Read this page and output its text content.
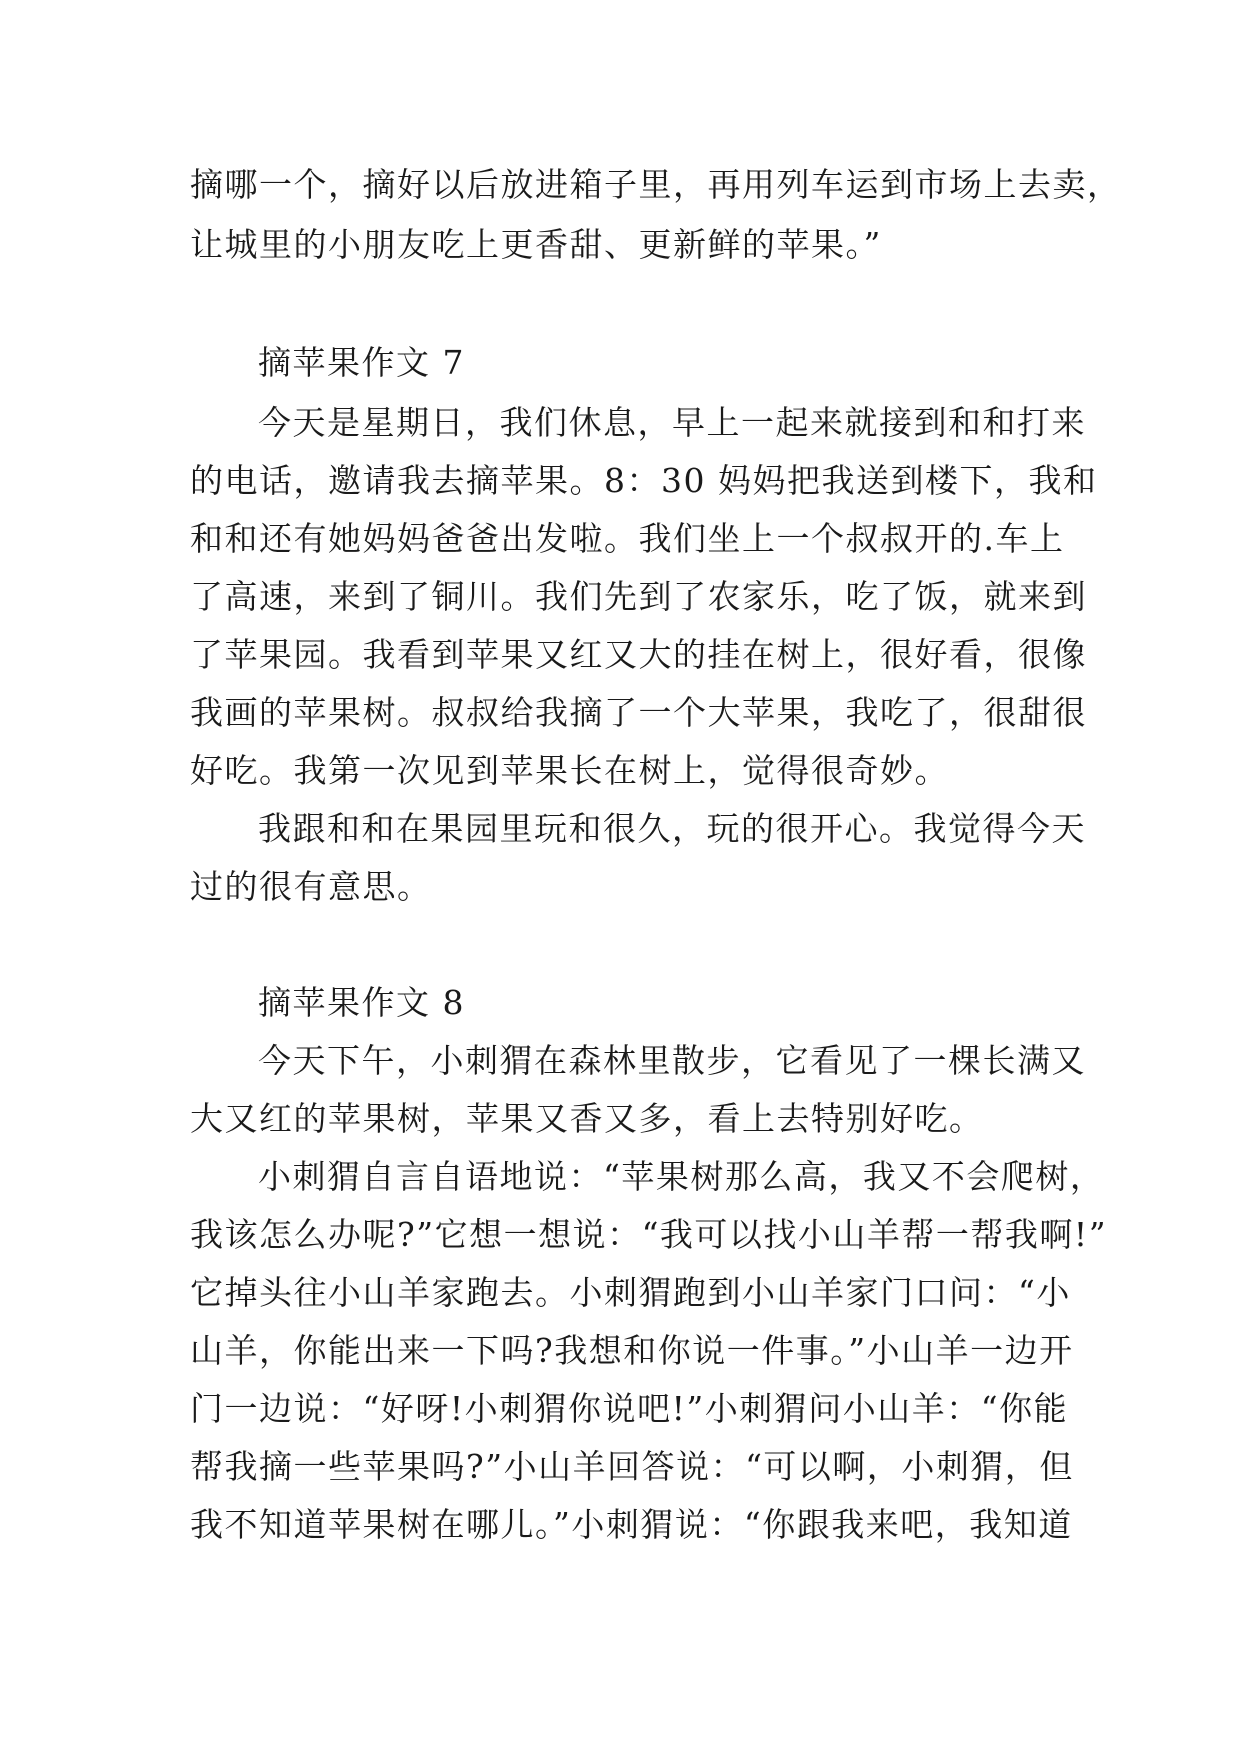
摘哪一个，摘好以后放进箱子里，再用列车运到市场上去卖，
让城里的小朋友吃上更香甜、更新鲜的苹果。”
摘苹果作文 7
今天是星期日，我们休息，早上一起来就接到和和打来
的电话，邀请我去摘苹果。8：30 妈妈把我送到楼下，我和
和和还有她妈妈爸爸出发啦。我们坐上一个叔叔开的.车上
了高速，来到了铜川。我们先到了农家乐，吃了饭，就来到
了苹果园。我看到苹果又红又大的挂在树上，很好看，很像
我画的苹果树。叔叔给我摘了一个大苹果，我吃了，很甜很
好吃。我第一次见到苹果长在树上，觉得很奇妙。
我跟和和在果园里玩和很久，玩的很开心。我觉得今天
过的很有意思。
摘苹果作文 8
今天下午，小刺猬在森林里散步，它看见了一棵长满又
大又红的苹果树，苹果又香又多，看上去特别好吃。
小刺猬自言自语地说：“苹果树那么高，我又不会爬树，
我该怎么办呢?”它想一想说：“我可以找小山羊帮一帮我啊!”
它掉头往小山羊家跑去。小刺猬跑到小山羊家门口问：“小
山羊，你能出来一下吗?我想和你说一件事。”小山羊一边开
门一边说：“好呀!小刺猬你说吧!”小刺猬问小山羊：“你能
帮我摘一些苹果吗?”小山羊回答说：“可以啊，小刺猬，但
我不知道苹果树在哪儿。”小刺猬说：“你跟我来吧，我知道
